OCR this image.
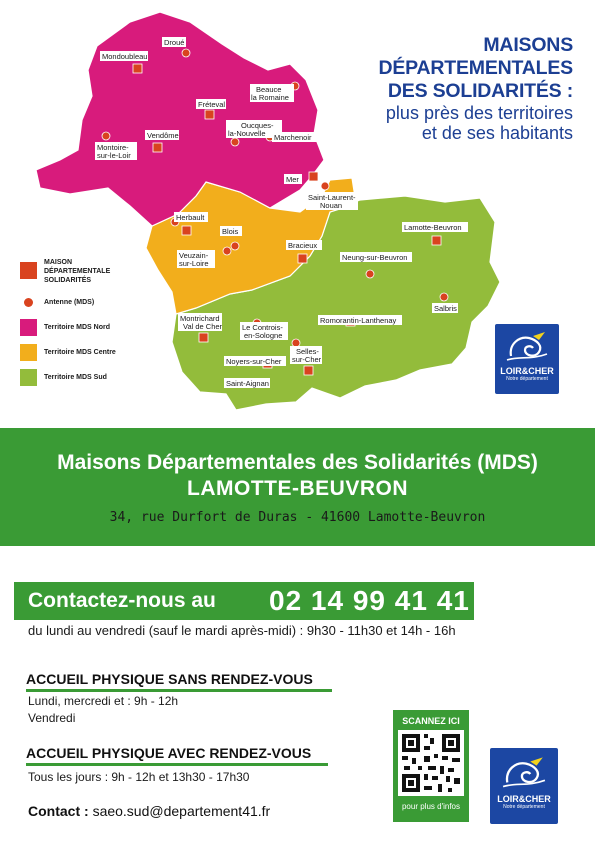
Droué
Mondoubleau
Beauce
la Romaine
Fréteval
Oucques-
la-Nouvelle
Vendôme
Montoire-
sur-le-Loir
Marchenoir
Mer
Saint-Laurent-
Nouan
Herbault
Blois
Veuzain-
sur-Loire
Bracieux
Lamotte-Beuvron
Neung-sur-Beuvron
Montrichard
Val de Cher	Le Controis-
en-Sologne
Romorantin-Lanthenay
Salbris
Noyers-sur-Cher
Selles-
sur-Cher
Saint-Aignan
MAISONS
DÉPARTEMENTALES
DES SOLIDARITÉS :
plus près des territoires
et de ses habitants
MAISON
DÉPARTEMENTALE
SOLIDARITÉS
Antenne (MDS)
Territoire MDS Nord
Territoire MDS Centre
Territoire MDS Sud
LOIR&CHER
Notre département
Maisons Départementales des Solidarités (MDS)
LAMOTTE-BEUVRON
34, rue Durfort de Duras - 41600 Lamotte-Beuvron
Contactez-nous au 02 14 99 41 41
du lundi au vendredi (sauf le mardi après-midi) : 9h30 - 11h30 et 14h - 16h
ACCUEIL PHYSIQUE SANS RENDEZ-VOUS
Lundi, mercredi et : 9h - 12h
Vendredi
ACCUEIL PHYSIQUE AVEC RENDEZ-VOUS
Tous les jours : 9h - 12h et 13h30 - 17h30
Contact : saeo.sud@departement41.fr
SCANNEZ ICI
pour plus d'infos
LOIR&CHER
Notre département
